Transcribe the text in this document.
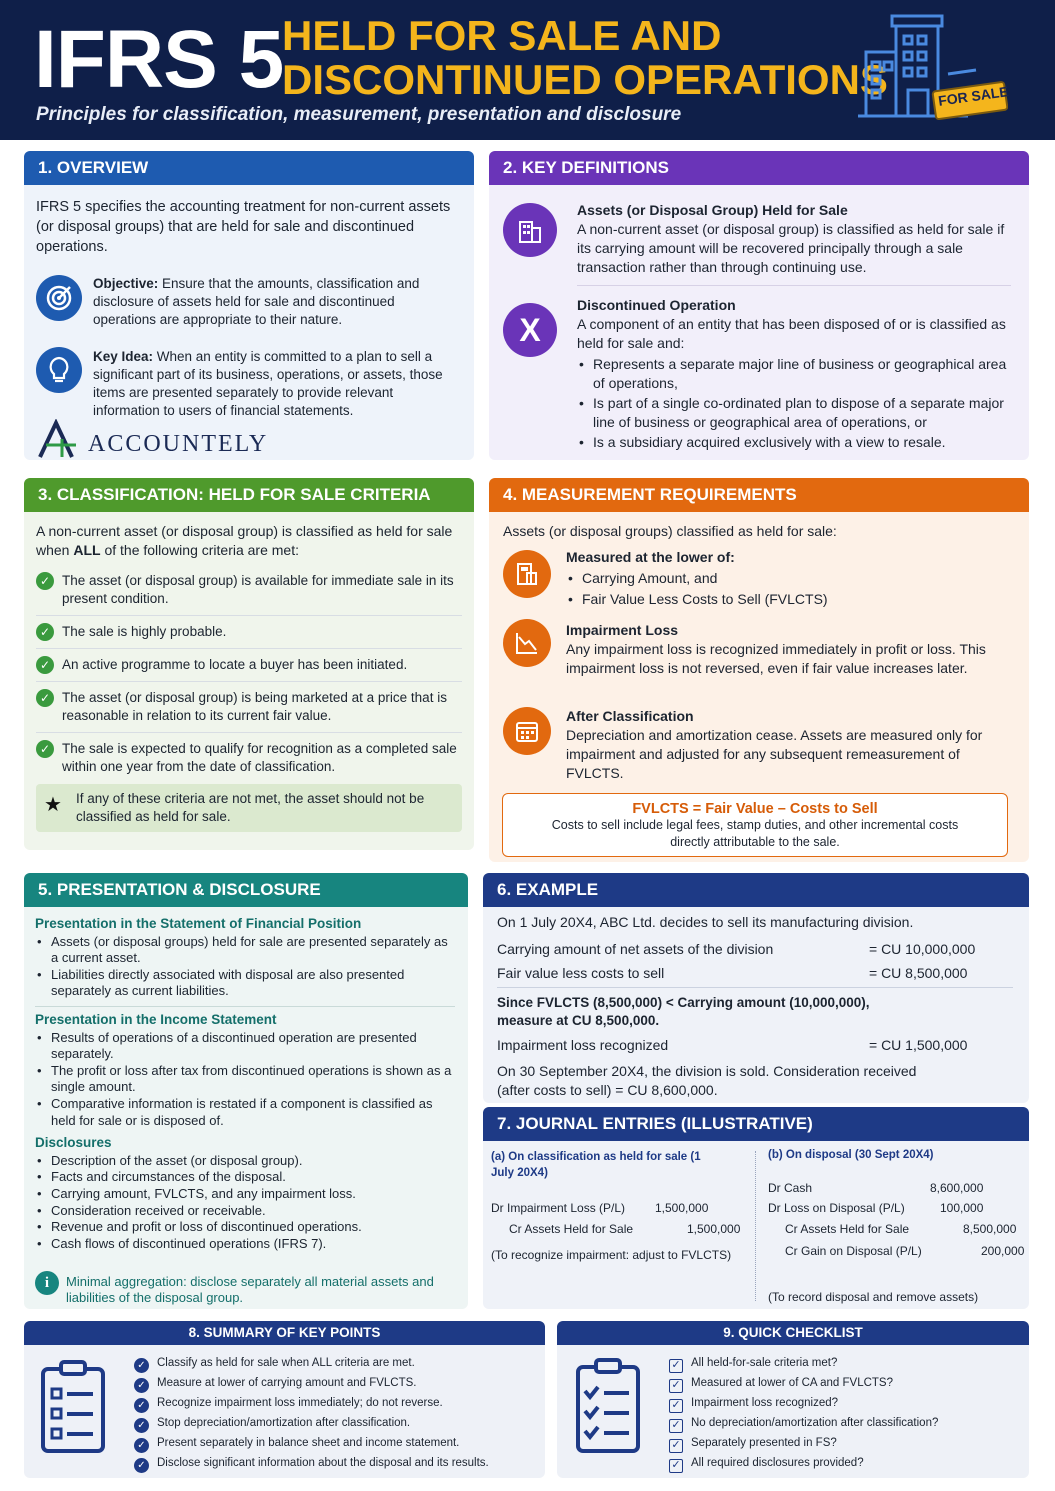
IFRS 5
HELD FOR SALE AND
DISCONTINUED OPERATIONS
Principles for classification, measurement, presentation and disclosure
FOR SALE
1. OVERVIEW

IFRS 5 specifies the accounting treatment for non-current assets (or disposal groups) that are held for sale and discontinued operations.

Objective: Ensure that the amounts, classification and disclosure of assets held for sale and discontinued operations are appropriate to their nature.
Key Idea: When an entity is committed to a plan to sell a significant part of its business, operations, or assets, those items are presented separately to provide relevant information to users of financial statements.
ACCOUNTELY
2. KEY DEFINITIONS

Assets (or Disposal Group) Held for Sale

A non-current asset (or disposal group) is classified as held for sale if its carrying amount will be recovered principally through a sale transaction rather than through continuing use.

X

Discontinued Operation

A component of an entity that has been disposed of or is classified as held for sale and:

• Represents a separate major line of business or geographical area of operations,
• Is part of a single co-ordinated plan to dispose of a separate major line of business or geographical area of operations, or
• Is a subsidiary acquired exclusively with a view to resale.
3. CLASSIFICATION: HELD FOR SALE CRITERIA
A non-current asset (or disposal group) is classified as held for sale when ALL of the following criteria are met:
✓ The asset (or disposal group) is available for immediate sale in its present condition.
✓ The sale is highly probable.
✓ An active programme to locate a buyer has been initiated.
✓ The asset (or disposal group) is being marketed at a price that is reasonable in relation to its current fair value.
✓ The sale is expected to qualify for recognition as a completed sale within one year from the date of classification.
★ If any of these criteria are not met, the asset should not be classified as held for sale.
4. MEASUREMENT REQUIREMENTS
Assets (or disposal groups) classified as held for sale:

Measured at the lower of:

• Carrying Amount, and
• Fair Value Less Costs to Sell (FVLCTS)

Impairment Loss

Any impairment loss is recognized immediately in profit or loss. This impairment loss is not reversed, even if fair value increases later.

After Classification

Depreciation and amortization cease. Assets are measured only for impairment and adjusted for any subsequent remeasurement of FVLCTS.

FVLCTS = Fair Value – Costs to Sell
Costs to sell include legal fees, stamp duties, and other incremental costs directly attributable to the sale.
5. PRESENTATION & DISCLOSURE

Presentation in the Statement of Financial Position

• Assets (or disposal groups) held for sale are presented separately as a current asset.
• Liabilities directly associated with disposal are also presented separately as current liabilities.

Presentation in the Income Statement

• Results of operations of a discontinued operation are presented separately.
• The profit or loss after tax from discontinued operations is shown as a single amount.
• Comparative information is restated if a component is classified as held for sale or is disposed of.

Disclosures

• Description of the asset (or disposal group).
• Facts and circumstances of the disposal.
• Carrying amount, FVLCTS, and any impairment loss.
• Consideration received or receivable.
• Revenue and profit or loss of discontinued operations.
• Cash flows of discontinued operations (IFRS 7).
i	Minimal aggregation: disclose separately all material assets and liabilities of the disposal group.
6. EXAMPLE
On 1 July 20X4, ABC Ltd. decides to sell its manufacturing division.
Carrying amount of net assets of the division	= CU 10,000,000
Fair value less costs to sell	= CU 8,500,000
Since FVLCTS (8,500,000) < Carrying amount (10,000,000), measure at CU 8,500,000.
Impairment loss recognized	= CU 1,500,000
On 30 September 20X4, the division is sold. Consideration received (after costs to sell) = CU 8,600,000.
7. JOURNAL ENTRIES (ILLUSTRATIVE)
(a) On classification as held for sale (1 July 20X4)
Dr Impairment Loss (P/L) 1,500,000
Cr Assets Held for Sale	1,500,000
(To recognize impairment: adjust to FVLCTS)
(b) On disposal (30 Sept 20X4)
Dr Cash	8,600,000
Dr Loss on Disposal (P/L)	100,000
Cr Assets Held for Sale	8,500,000
Cr Gain on Disposal (P/L)	200,000
(To record disposal and remove assets)
8. SUMMARY OF KEY POINTS
✓ Classify as held for sale when ALL criteria are met.
✓ Measure at lower of carrying amount and FVLCTS.
✓ Recognize impairment loss immediately; do not reverse.
✓ Stop depreciation/amortization after classification.
✓ Present separately in balance sheet and income statement.
✓ Disclose significant information about the disposal and its results.
9. QUICK CHECKLIST
✓ All held-for-sale criteria met?
✓ Measured at lower of CA and FVLCTS?
✓ Impairment loss recognized?
✓ No depreciation/amortization after classification?
✓ Separately presented in FS?
✓ All required disclosures provided?
